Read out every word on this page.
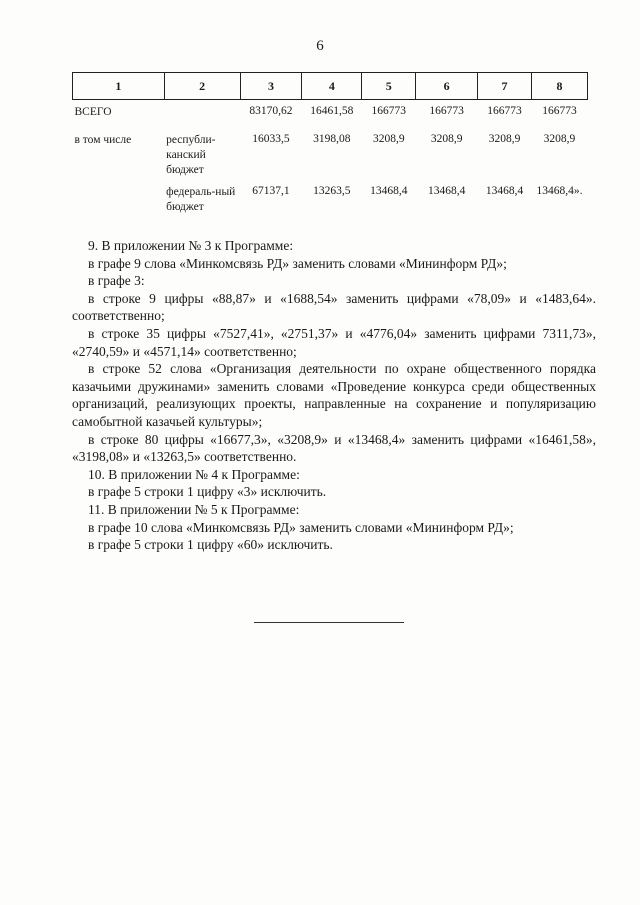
6
1	2	3	4	5	6	7	8
ВСЕГО		83170,62	16461,58	166773	166773	166773	166773
в том числе	республи-канский бюджет	16033,5	3198,08	3208,9	3208,9	3208,9	3208,9
	федераль-ный бюджет	67137,1	13263,5	13468,4	13468,4	13468,4	13468,4».

9. В приложении № 3 к Программе:

в графе 9 слова «Минкомсвязь РД» заменить словами «Мининформ РД»;

в графе 3:

в строке 9 цифры «88,87» и «1688,54» заменить цифрами «78,09» и «1483,64». соответственно;

в строке 35 цифры «7527,41», «2751,37» и «4776,04» заменить цифрами 7311,73», «2740,59» и «4571,14» соответственно;

в строке 52 слова «Организация деятельности по охране общественного порядка казачьими дружинами» заменить словами «Проведение конкурса среди общественных организаций, реализующих проекты, направленные на сохранение и популяризацию самобытной казачьей культуры»;

в строке 80 цифры «16677,3», «3208,9» и «13468,4» заменить цифрами «16461,58», «3198,08» и «13263,5» соответственно.

10. В приложении № 4 к Программе:

в графе 5 строки 1 цифру «3» исключить.

11. В приложении № 5 к Программе:

в графе 10 слова «Минкомсвязь РД» заменить словами «Мининформ РД»;

в графе 5 строки 1 цифру «60» исключить.
